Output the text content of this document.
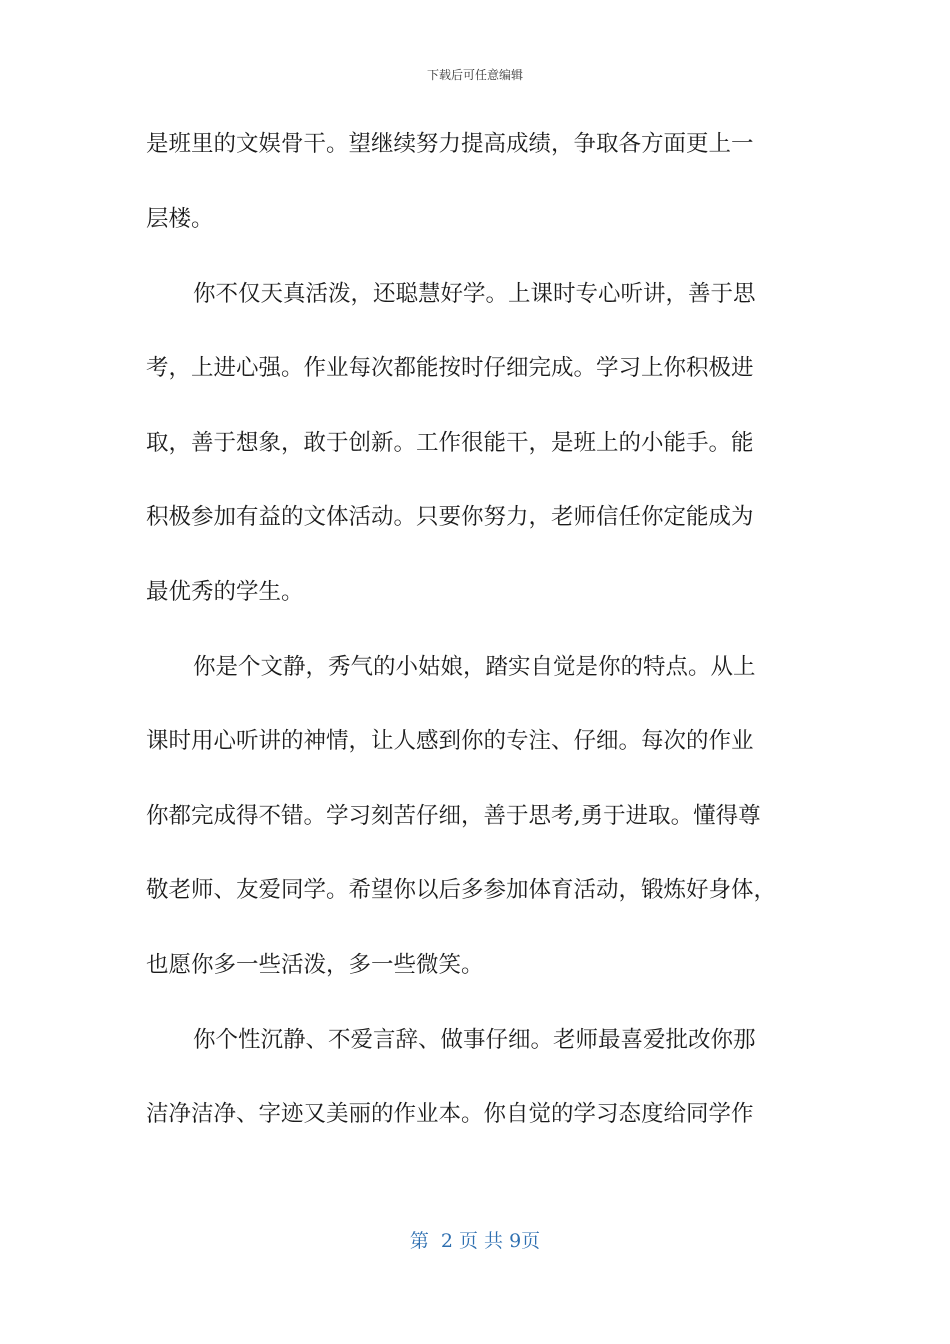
下载后可任意编辑
是班里的文娱骨干。望继续努力提高成绩，争取各方面更上一
层楼。
你不仅天真活泼，还聪慧好学。上课时专心听讲，善于思
考，上进心强。作业每次都能按时仔细完成。学习上你积极进
取，善于想象，敢于创新。工作很能干，是班上的小能手。能
积极参加有益的文体活动。只要你努力，老师信任你定能成为
最优秀的学生。
你是个文静，秀气的小姑娘，踏实自觉是你的特点。从上
课时用心听讲的神情，让人感到你的专注、仔细。每次的作业
你都完成得不错。学习刻苦仔细，善于思考,勇于进取。懂得尊
敬老师、友爱同学。希望你以后多参加体育活动，锻炼好身体，
也愿你多一些活泼，多一些微笑。
你个性沉静、不爱言辞、做事仔细。老师最喜爱批改你那
洁净洁净、字迹又美丽的作业本。你自觉的学习态度给同学作
第  2 页 共 9页
